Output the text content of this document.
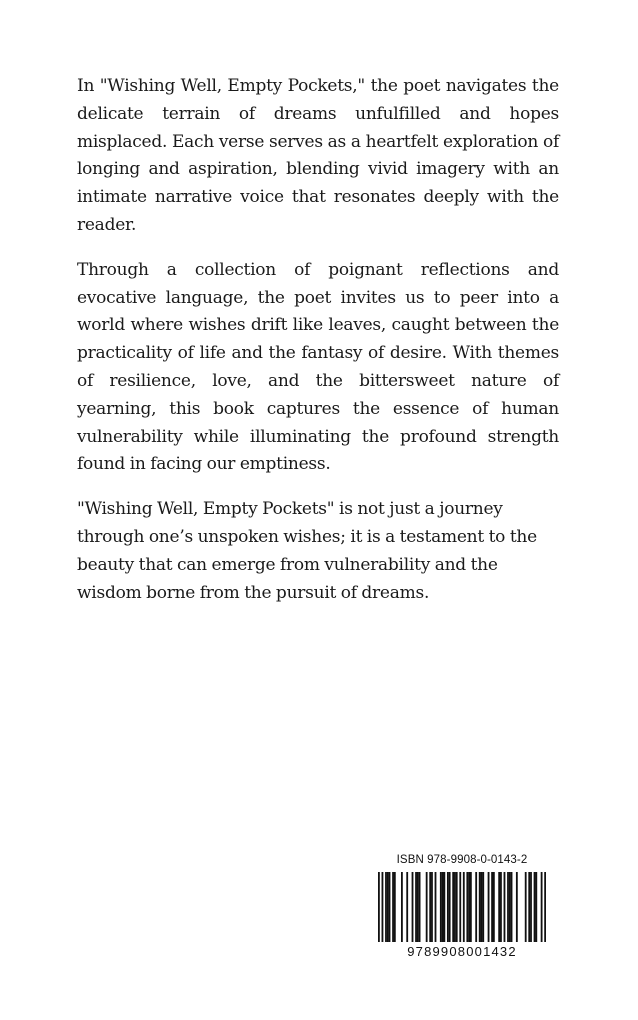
In "Wishing Well, Empty Pockets," the poet navigates the delicate terrain of dreams unfulfilled and hopes misplaced. Each verse serves as a heartfelt exploration of longing and aspiration, blending vivid imagery with an intimate narrative voice that resonates deeply with the reader.

Through a collection of poignant reflections and evocative language, the poet invites us to peer into a world where wishes drift like leaves, caught between the practicality of life and the fantasy of desire. With themes of resilience, love, and the bittersweet nature of yearning, this book captures the essence of human vulnerability while illuminating the profound strength found in facing our emptiness.

"Wishing Well, Empty Pockets" is not just a journey through one’s unspoken wishes; it is a testament to the beauty that can emerge from vulnerability and the wisdom borne from the pursuit of dreams.

ISBN 978-9908-0-0143-2
9789908001432
